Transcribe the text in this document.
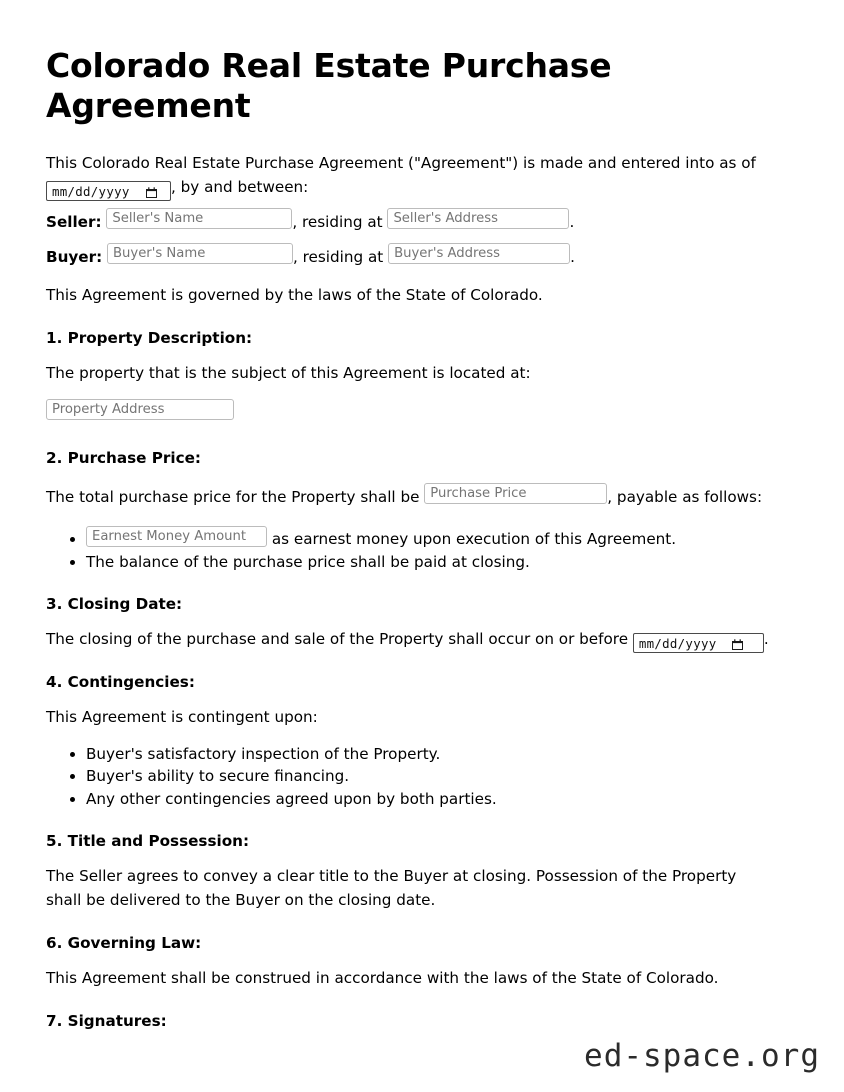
Colorado Real Estate Purchase Agreement

This Colorado Real Estate Purchase Agreement ("Agreement") is made and entered into as of mm/dd/yyyy	, by and between:

Seller: Seller's Name	, residing at Seller's Address	.

Buyer: Buyer's Name	, residing at Buyer's Address	.

This Agreement is governed by the laws of the State of Colorado.

1. Property Description:

The property that is the subject of this Agreement is located at:

Property Address

2. Purchase Price:

The total purchase price for the Property shall be Purchase Price	, payable as follows:

• Earnest Money Amount as earnest money upon execution of this Agreement.
• The balance of the purchase price shall be paid at closing.
3. Closing Date:

The closing of the purchase and sale of the Property shall occur on or before mm/dd/yyyy	.

4. Contingencies:

This Agreement is contingent upon:

• Buyer's satisfactory inspection of the Property.
• Buyer's ability to secure financing.
• Any other contingencies agreed upon by both parties.
5. Title and Possession:

The Seller agrees to convey a clear title to the Buyer at closing. Possession of the Property shall be delivered to the Buyer on the closing date.

6. Governing Law:

This Agreement shall be construed in accordance with the laws of the State of Colorado.

7. Signatures:
ed-space.org
